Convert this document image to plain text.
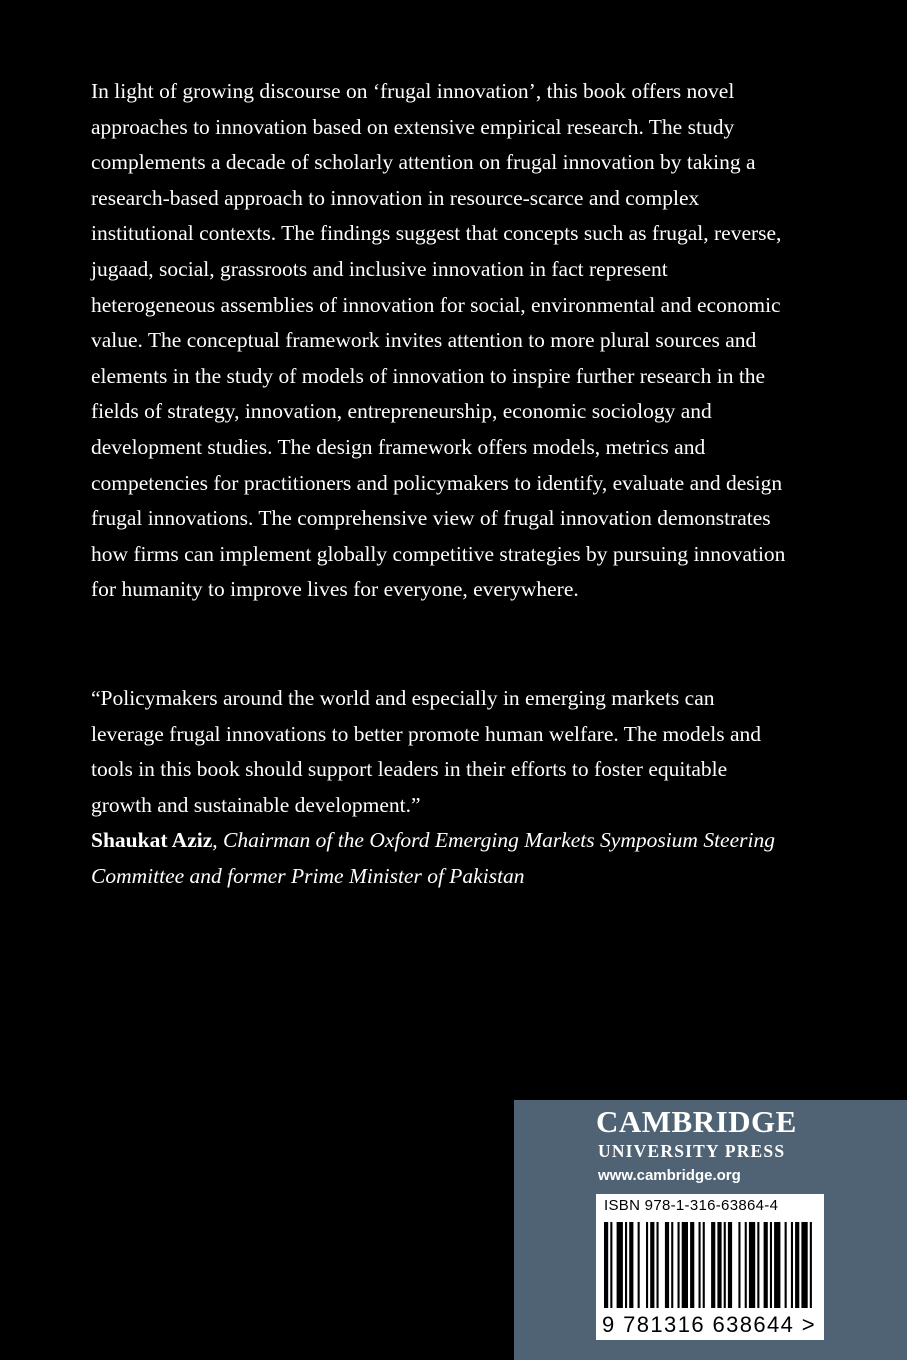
In light of growing discourse on ‘frugal innovation’, this book offers novel approaches to innovation based on extensive empirical research. The study complements a decade of scholarly attention on frugal innovation by taking a research-based approach to innovation in resource-scarce and complex institutional contexts. The findings suggest that concepts such as frugal, reverse, jugaad, social, grassroots and inclusive innovation in fact represent heterogeneous assemblies of innovation for social, environmental and economic value. The conceptual framework invites attention to more plural sources and elements in the study of models of innovation to inspire further research in the fields of strategy, innovation, entrepreneurship, economic sociology and development studies. The design framework offers models, metrics and competencies for practitioners and policymakers to identify, evaluate and design frugal innovations. The comprehensive view of frugal innovation demonstrates how firms can implement globally competitive strategies by pursuing innovation for humanity to improve lives for everyone, everywhere.

“Policymakers around the world and especially in emerging markets can leverage frugal innovations to better promote human welfare. The models and tools in this book should support leaders in their efforts to foster equitable growth and sustainable development.”

Shaukat Aziz, Chairman of the Oxford Emerging Markets Symposium Steering Committee and former Prime Minister of Pakistan

CAMBRIDGE
UNIVERSITY PRESS
www.cambridge.org
ISBN 978-1-316-63864-4
9 781316 638644 >
